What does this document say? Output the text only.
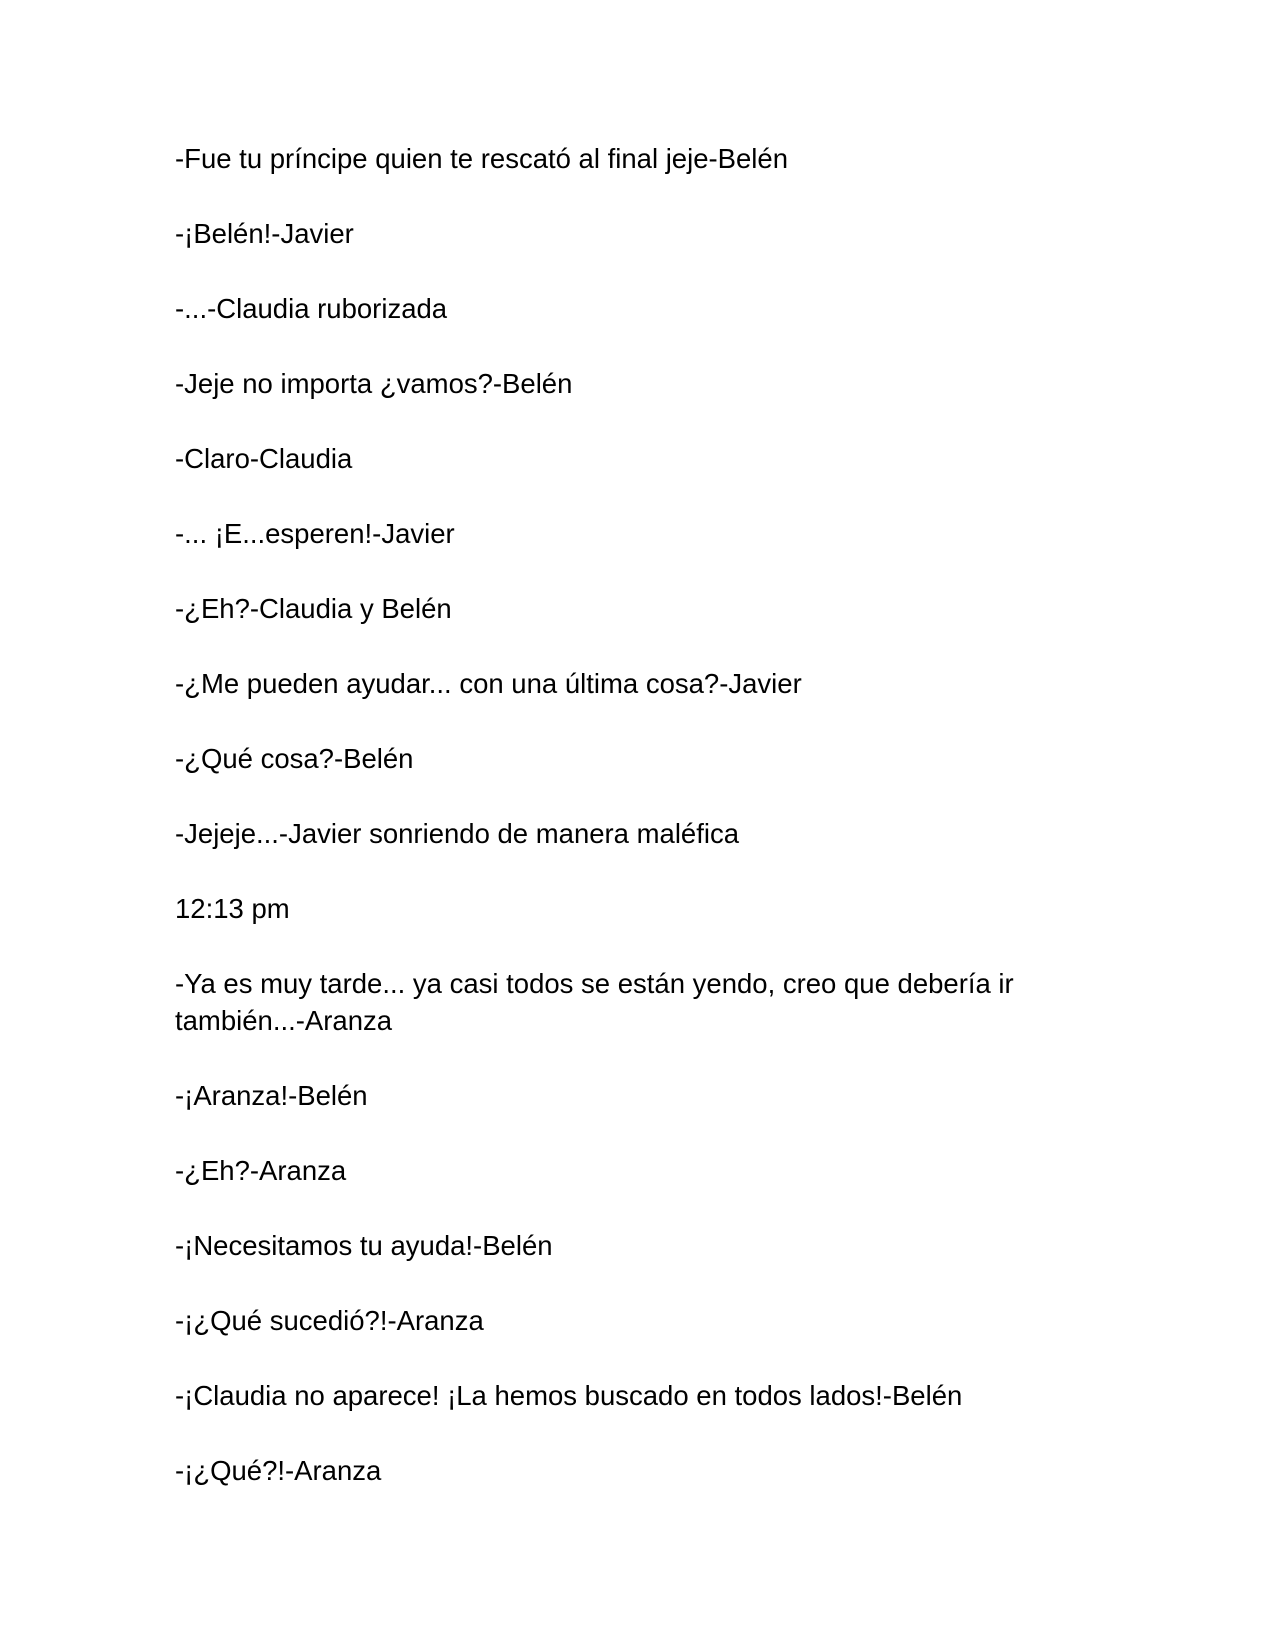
-Fue tu príncipe quien te rescató al final jeje-Belén

-¡Belén!-Javier

-...-Claudia ruborizada

-Jeje no importa ¿vamos?-Belén

-Claro-Claudia

-... ¡E...esperen!-Javier

-¿Eh?-Claudia y Belén

-¿Me pueden ayudar... con una última cosa?-Javier

-¿Qué cosa?-Belén

-Jejeje...-Javier sonriendo de manera maléfica

12:13 pm

-Ya es muy tarde... ya casi todos se están yendo, creo que debería ir también...-Aranza

-¡Aranza!-Belén

-¿Eh?-Aranza

-¡Necesitamos tu ayuda!-Belén

-¡¿Qué sucedió?!-Aranza

-¡Claudia no aparece! ¡La hemos buscado en todos lados!-Belén

-¡¿Qué?!-Aranza
